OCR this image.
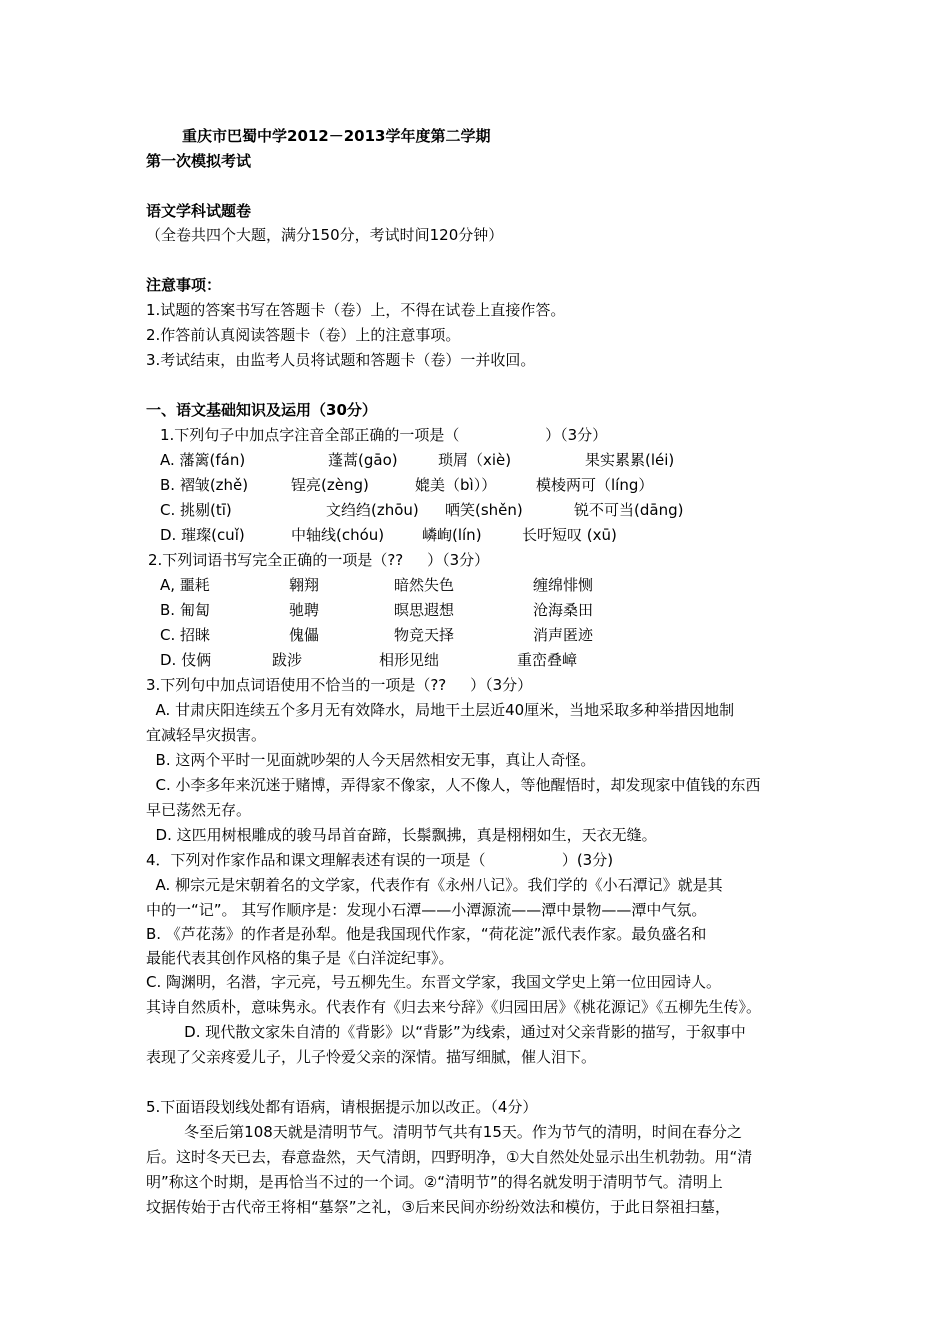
重庆市巴蜀中学2012－2013学年度第二学期
第一次模拟考试
语文学科试题卷
（全卷共四个大题，满分150分，考试时间120分钟）
注意事项：
1.试题的答案书写在答题卡（卷）上，不得在试卷上直接作答。
2.作答前认真阅读答题卡（卷）上的注意事项。
3.考试结束，由监考人员将试题和答题卡（卷）一并收回。
一、语文基础知识及运用（30分）
1.下列句子中加点字注音全部正确的一项是（                  ）（3分）
A. 藩篱(fán)	蓬蒿(gāo)	琐屑（xiè)	果实累累(léi)
B. 褶皱(zhě)	锃亮(zèng)	媲美（bì））	模棱两可（líng）
C. 挑剔(tī)	文绉绉(zhōu) 哂笑(shěn)	锐不可当(dāng)
D. 璀璨(cuǐ)	中轴线(chóu)	嶙峋(lín)	长吁短叹 (xū)
2.下列词语书写完全正确的一项是（??     ）（3分）
A, 噩耗	翱翔	暗然失色	缠绵悱恻
B. 匍匐	驰聘	暝思遐想	沧海桑田
C. 招睐	傀儡	物竞天择	消声匿迹
D. 伎俩	跋涉	相形见绌	重峦叠嶂
3.下列句中加点词语使用不恰当的一项是（??     ）（3分）
A. 甘肃庆阳连续五个多月无有效降水，局地干土层近40厘米，当地采取多种举措因地制
宜减轻旱灾损害。
B. 这两个平时一见面就吵架的人今天居然相安无事，真让人奇怪。
C. 小李多年来沉迷于赌博，弄得家不像家，人不像人，等他醒悟时，却发现家中值钱的东西
早已荡然无存。
D. 这匹用树根雕成的骏马昂首奋蹄，长鬃飘拂，真是栩栩如生，天衣无缝。
4．下列对作家作品和课文理解表述有误的一项是（                ）(3分)
A. 柳宗元是宋朝着名的文学家，代表作有《永州八记》。我们学的《小石潭记》就是其
中的一“记”。 其写作顺序是：发现小石潭——小潭源流——潭中景物——潭中气氛。
B. 《芦花荡》的作者是孙犁。他是我国现代作家，“荷花淀”派代表作家。最负盛名和
最能代表其创作风格的集子是《白洋淀纪事》。
C. 陶渊明，名潜，字元亮，号五柳先生。东晋文学家，我国文学史上第一位田园诗人。
其诗自然质朴，意味隽永。代表作有《归去来兮辞》《归园田居》《桃花源记》《五柳先生传》。
D. 现代散文家朱自清的《背影》以“背影”为线索，通过对父亲背影的描写，于叙事中
表现了父亲疼爱儿子，儿子怜爱父亲的深情。描写细腻，催人泪下。
5.下面语段划线处都有语病，请根据提示加以改正。（4分）
冬至后第108天就是清明节气。清明节气共有15天。作为节气的清明，时间在春分之
后。这时冬天已去，春意盎然，天气清朗，四野明净，①大自然处处显示出生机勃勃。用“清
明”称这个时期，是再恰当不过的一个词。②“清明节”的得名就发明于清明节气。清明上
坟据传始于古代帝王将相“墓祭”之礼，③后来民间亦纷纷效法和模仿，于此日祭祖扫墓，
